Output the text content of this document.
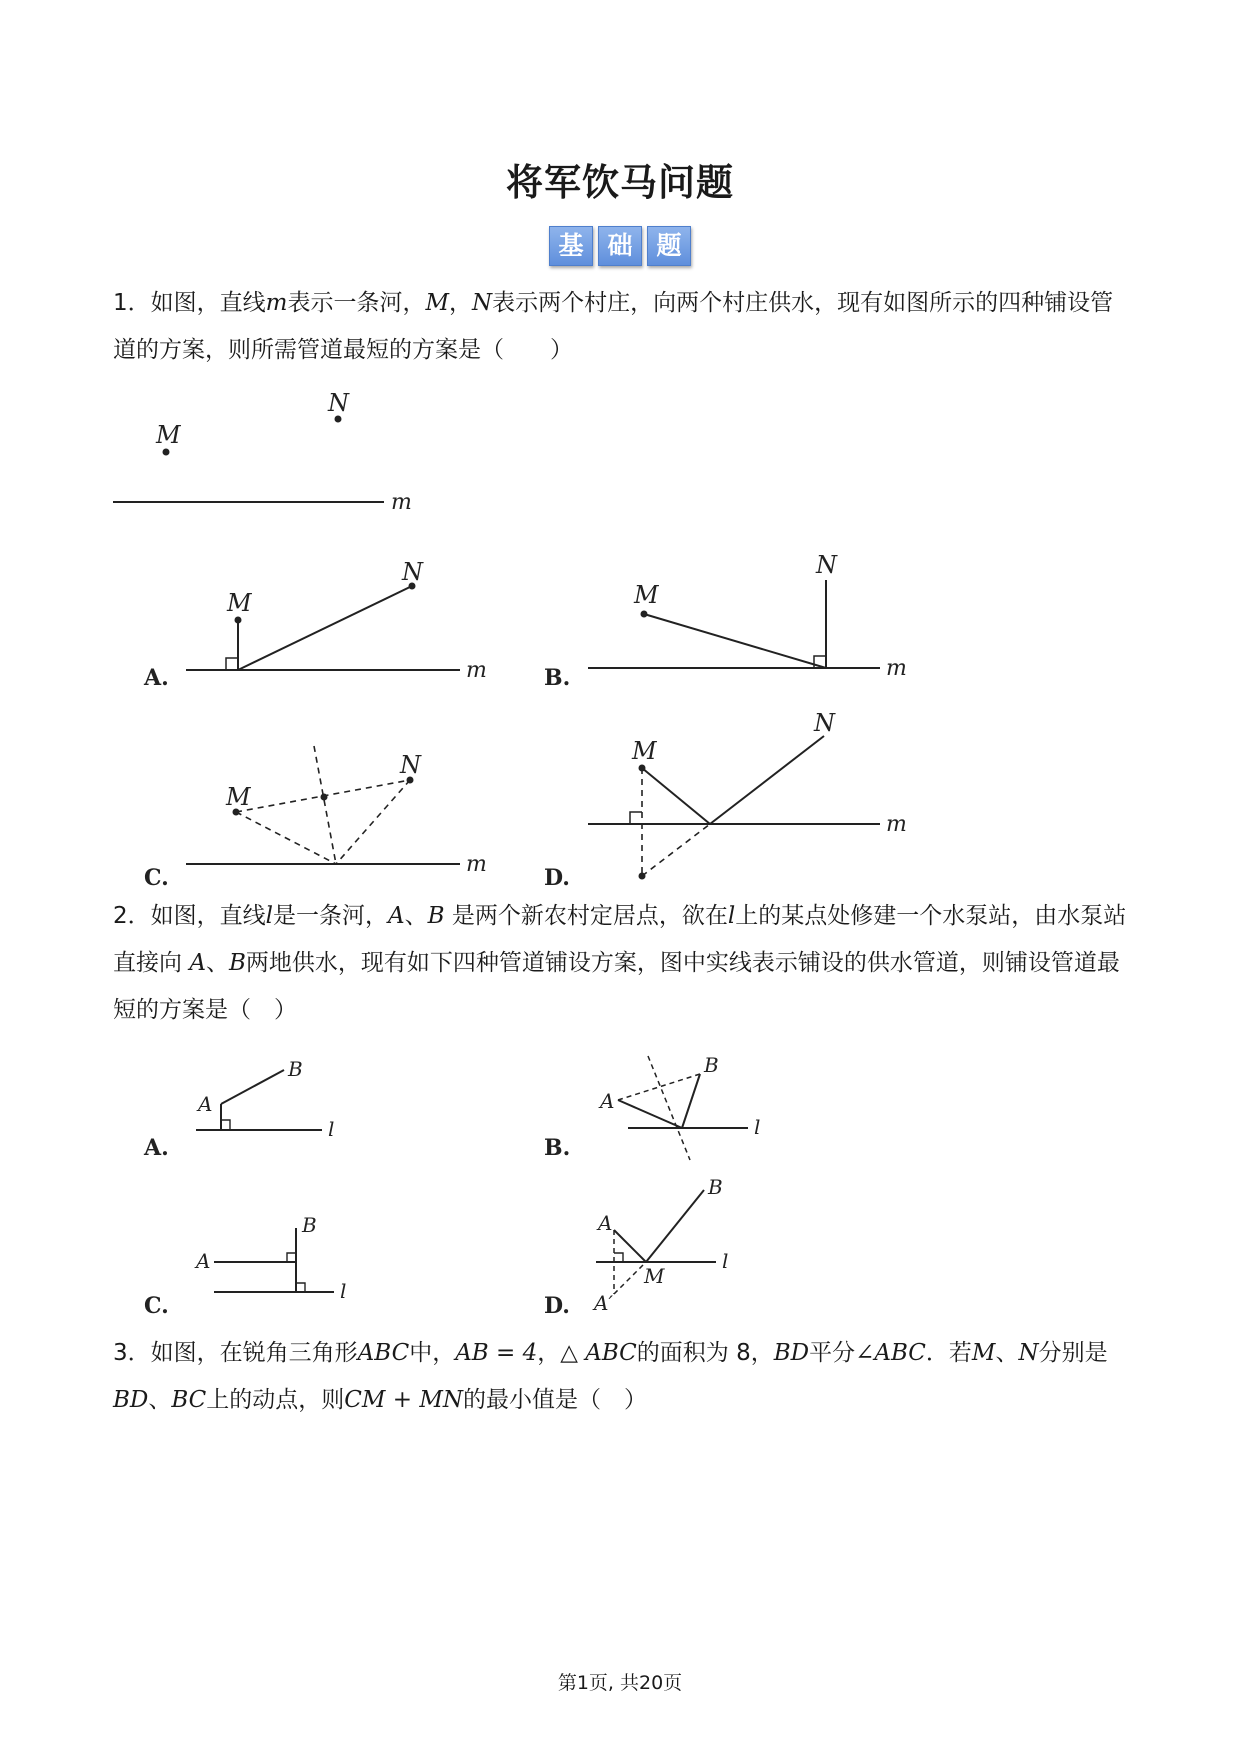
将军饮马问题
基 础 题
1．如图，直线m表示一条河，M，N表示两个村庄，向两个村庄供水，现有如图所示的四种铺设管道的方案，则所需管道最短的方案是（　　）
2．如图，直线l是一条河，A、B 是两个新农村定居点，欲在l上的某点处修建一个水泵站，由水泵站直接向 A、B两地供水，现有如下四种管道铺设方案，图中实线表示铺设的供水管道，则铺设管道最短的方案是（　）
3．如图，在锐角三角形ABC中，AB = 4，△ ABC的面积为 8，BD平分∠ABC．若M、N分别是BD、BC上的动点，则CM + MN的最小值是（　）
M
N
m
A.	m
M
N
B.	m
M
N
C.
m
M
N
D.
m
M
N
A.
l
A
B
B.
l
A
B
C.
l
A
B
D.
l
A
B
M
A′
第1页, 共20页
